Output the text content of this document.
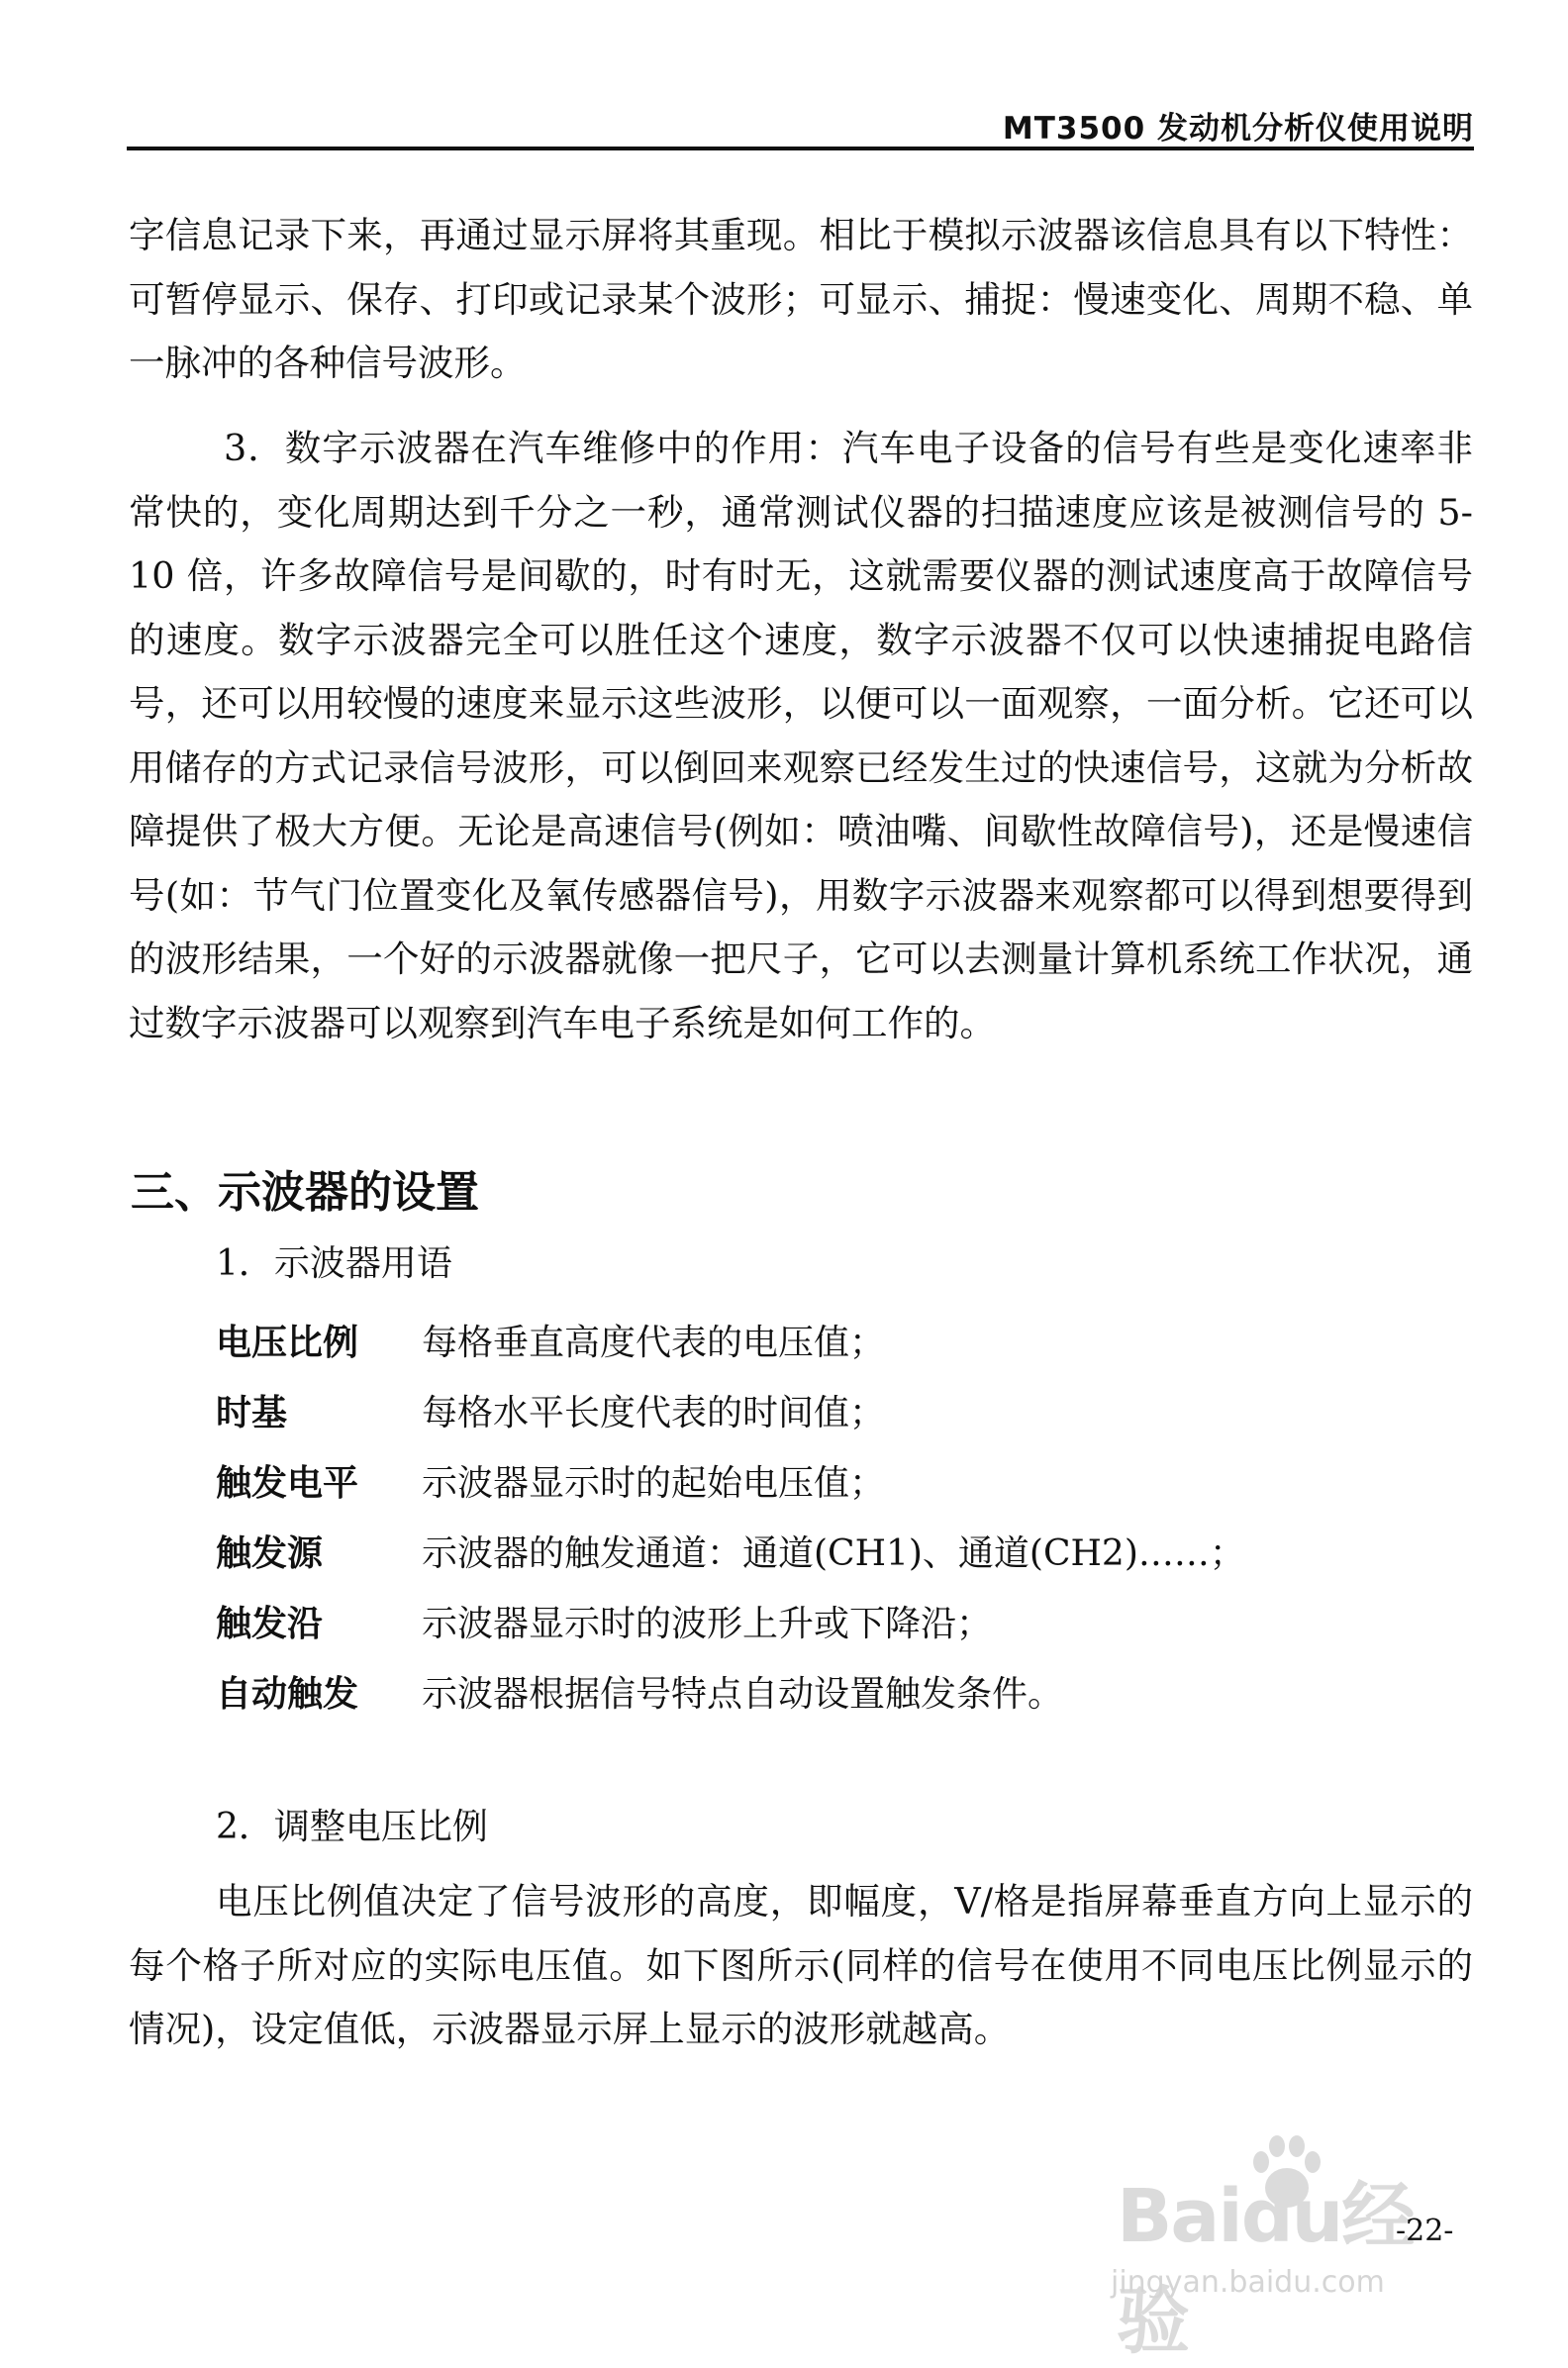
MT3500 发动机分析仪使用说明

字信息记录下来，再通过显示屏将其重现。相比于模拟示波器该信息具有以下特性：可暂停显示、保存、打印或记录某个波形；可显示、捕捉：慢速变化、周期不稳、单一脉冲的各种信号波形。

3．数字示波器在汽车维修中的作用：汽车电子设备的信号有些是变化速率非常快的，变化周期达到千分之一秒，通常测试仪器的扫描速度应该是被测信号的 5-10 倍，许多故障信号是间歇的，时有时无，这就需要仪器的测试速度高于故障信号的速度。数字示波器完全可以胜任这个速度，数字示波器不仅可以快速捕捉电路信号，还可以用较慢的速度来显示这些波形，以便可以一面观察，一面分析。它还可以用储存的方式记录信号波形，可以倒回来观察已经发生过的快速信号，这就为分析故障提供了极大方便。无论是高速信号(例如：喷油嘴、间歇性故障信号)，还是慢速信号(如：节气门位置变化及氧传感器信号)，用数字示波器来观察都可以得到想要得到的波形结果，一个好的示波器就像一把尺子，它可以去测量计算机系统工作状况，通过数字示波器可以观察到汽车电子系统是如何工作的。

三、示波器的设置

1．示波器用语

电压比例	每格垂直高度代表的电压值；
时基	每格水平长度代表的时间值；
触发电平	示波器显示时的起始电压值；
触发源	示波器的触发通道：通道(CH1)、通道(CH2)……；
触发沿	示波器显示时的波形上升或下降沿；
自动触发	示波器根据信号特点自动设置触发条件。

2．调整电压比例

电压比例值决定了信号波形的高度，即幅度，V/格是指屏幕垂直方向上显示的每个格子所对应的实际电压值。如下图所示(同样的信号在使用不同电压比例显示的情况)，设定值低，示波器显示屏上显示的波形就越高。

Baidu经验
jingyan.baidu.com
-22-
